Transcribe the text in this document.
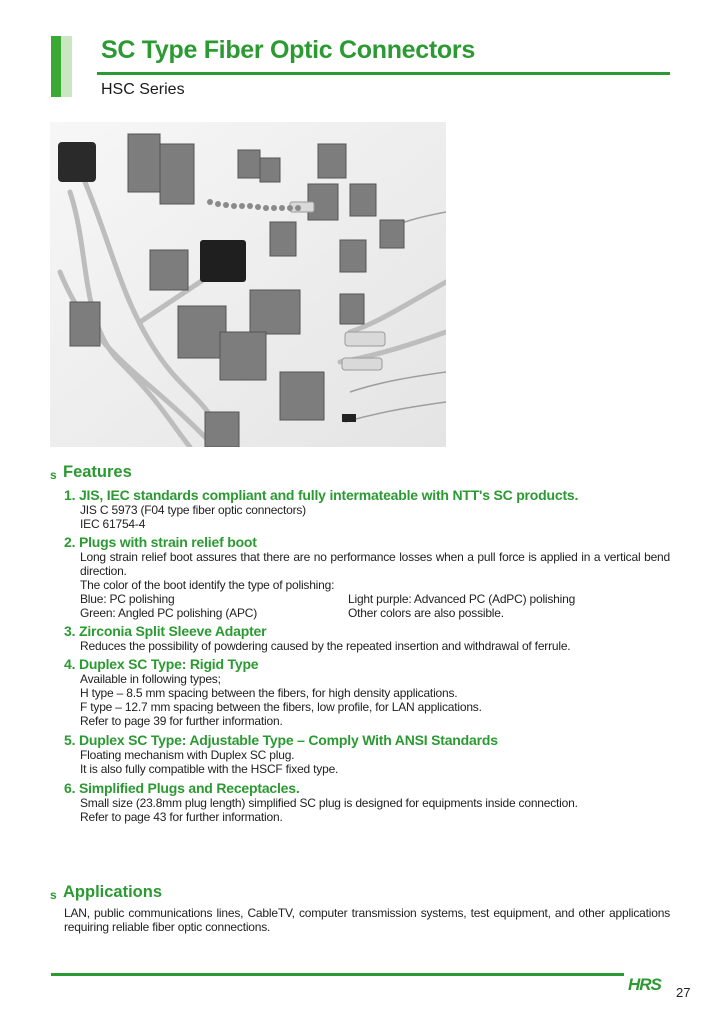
SC Type Fiber Optic Connectors
HSC Series
s Features
1. JIS, IEC standards compliant and fully intermateable with NTT's SC products.
JIS C 5973 (F04 type fiber optic connectors)
IEC 61754-4
2. Plugs with strain relief boot
Long strain relief boot assures that there are no performance losses when a pull force is applied in a vertical bend direction.
The color of the boot identify the type of polishing:
Blue: PC polishing
Green: Angled PC polishing (APC)
Light purple: Advanced PC (AdPC) polishing
Other colors are also possible.
3. Zirconia Split Sleeve Adapter
Reduces the possibility of powdering caused by the repeated insertion and withdrawal of ferrule.
4. Duplex SC Type: Rigid Type
Available in following types;
H type – 8.5 mm spacing between the fibers, for high density applications.
F type – 12.7 mm spacing between the fibers, low profile, for LAN applications.
Refer to page 39 for further information.
5. Duplex SC Type: Adjustable Type – Comply With ANSI Standards
Floating mechanism with Duplex SC plug.
It is also fully compatible with the HSCF fixed type.
6. Simplified Plugs and Receptacles.
Small size (23.8mm plug length) simplified SC plug is designed for equipments inside connection.
Refer to page 43 for further information.
s Applications
LAN, public communications lines, CableTV, computer transmission systems, test equipment, and other applications requiring reliable fiber optic connections.
HRS 27
